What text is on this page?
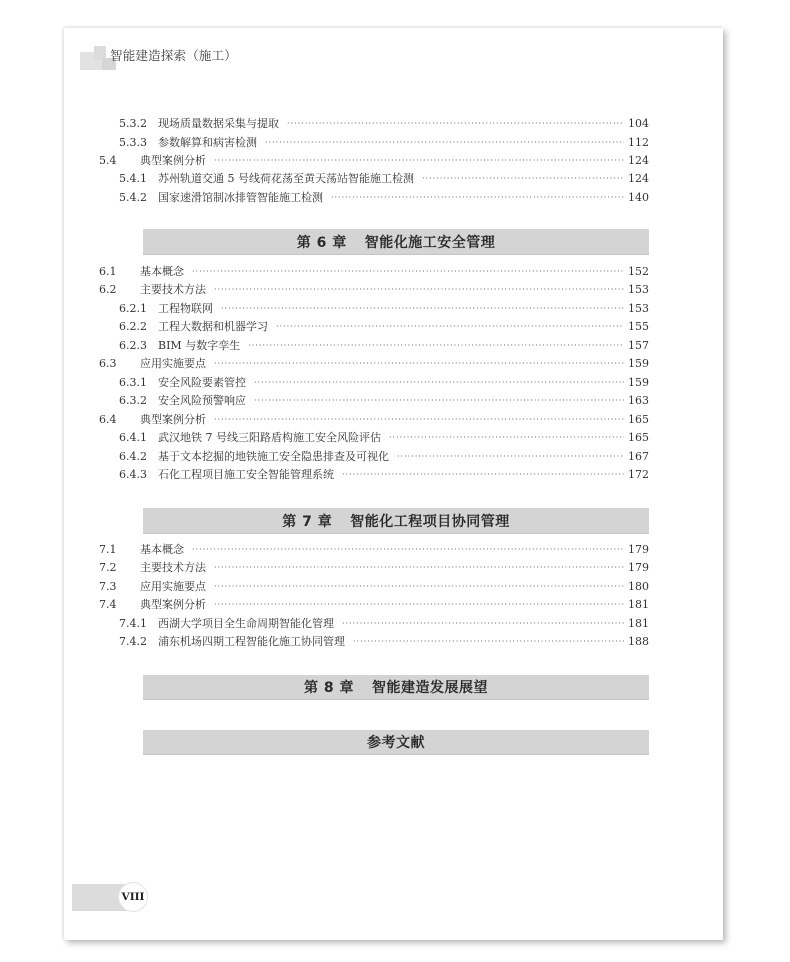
智能建造探索（施工）
5.3.2 现场质量数据采集与提取 ·····	104
5.3.3 参数解算和病害检测 ·····	112
5.4	典型案例分析 ·····	124
5.4.1 苏州轨道交通 5 号线荷花荡至黄天荡站智能施工检测 ·····	124
5.4.2 国家速滑馆制冰排管智能施工检测 ·····	140
第 6 章 智能化施工安全管理
6.1	基本概念 ·····	152
6.2	主要技术方法 ·····	153
6.2.1 工程物联网 ·····	153
6.2.2 工程大数据和机器学习 ·····	155
6.2.3 BIM 与数字孪生 ·····	157
6.3	应用实施要点 ·····	159
6.3.1 安全风险要素管控 ·····	159
6.3.2 安全风险预警响应 ·····	163
6.4	典型案例分析 ·····	165
6.4.1 武汉地铁 7 号线三阳路盾构施工安全风险评估 ·····	165
6.4.2 基于文本挖掘的地铁施工安全隐患排查及可视化 ·····	167
6.4.3 石化工程项目施工安全智能管理系统 ·····	172
第 7 章 智能化工程项目协同管理
7.1	基本概念 ·····	179
7.2	主要技术方法 ·····	179
7.3	应用实施要点 ·····	180
7.4	典型案例分析 ·····	181
7.4.1 西湖大学项目全生命周期智能化管理 ·····	181
7.4.2 浦东机场四期工程智能化施工协同管理 ·····	188
第 8 章 智能建造发展展望
参考文献
VIII
